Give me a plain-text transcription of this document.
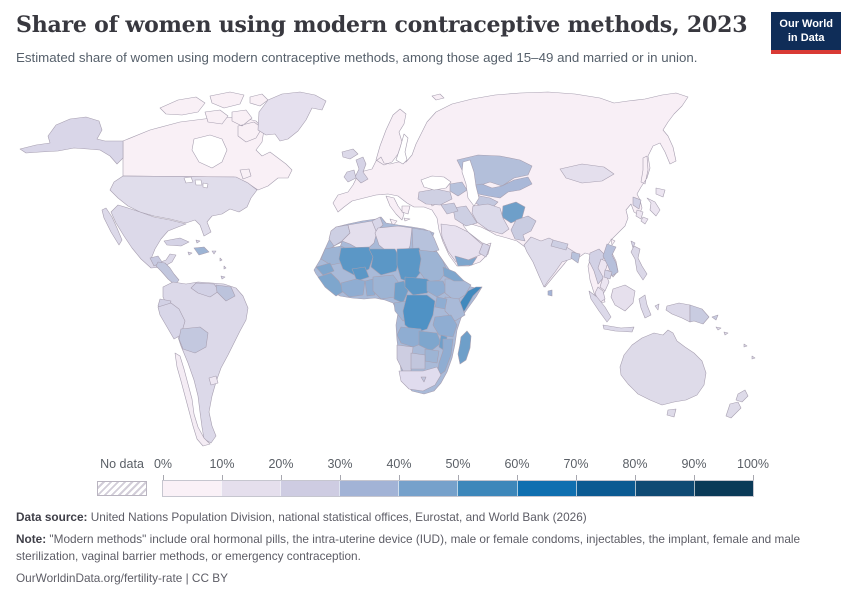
Share of women using modern contraceptive methods, 2023
Estimated share of women using modern contraceptive methods, among those aged 15–49 and married or in union.
Our World
in Data
No data 0%	10%	20%	30%	40%	50%	60%	70%	80%	90%	100%

Data source: United Nations Population Division, national statistical offices, Eurostat, and World Bank (2026)

Note: "Modern methods" include oral hormonal pills, the intra-uterine device (IUD), male or female condoms, injectables, the implant, female and male sterilization, vaginal barrier methods, or emergency contraception.

OurWorldinData.org/fertility-rate | CC BY
